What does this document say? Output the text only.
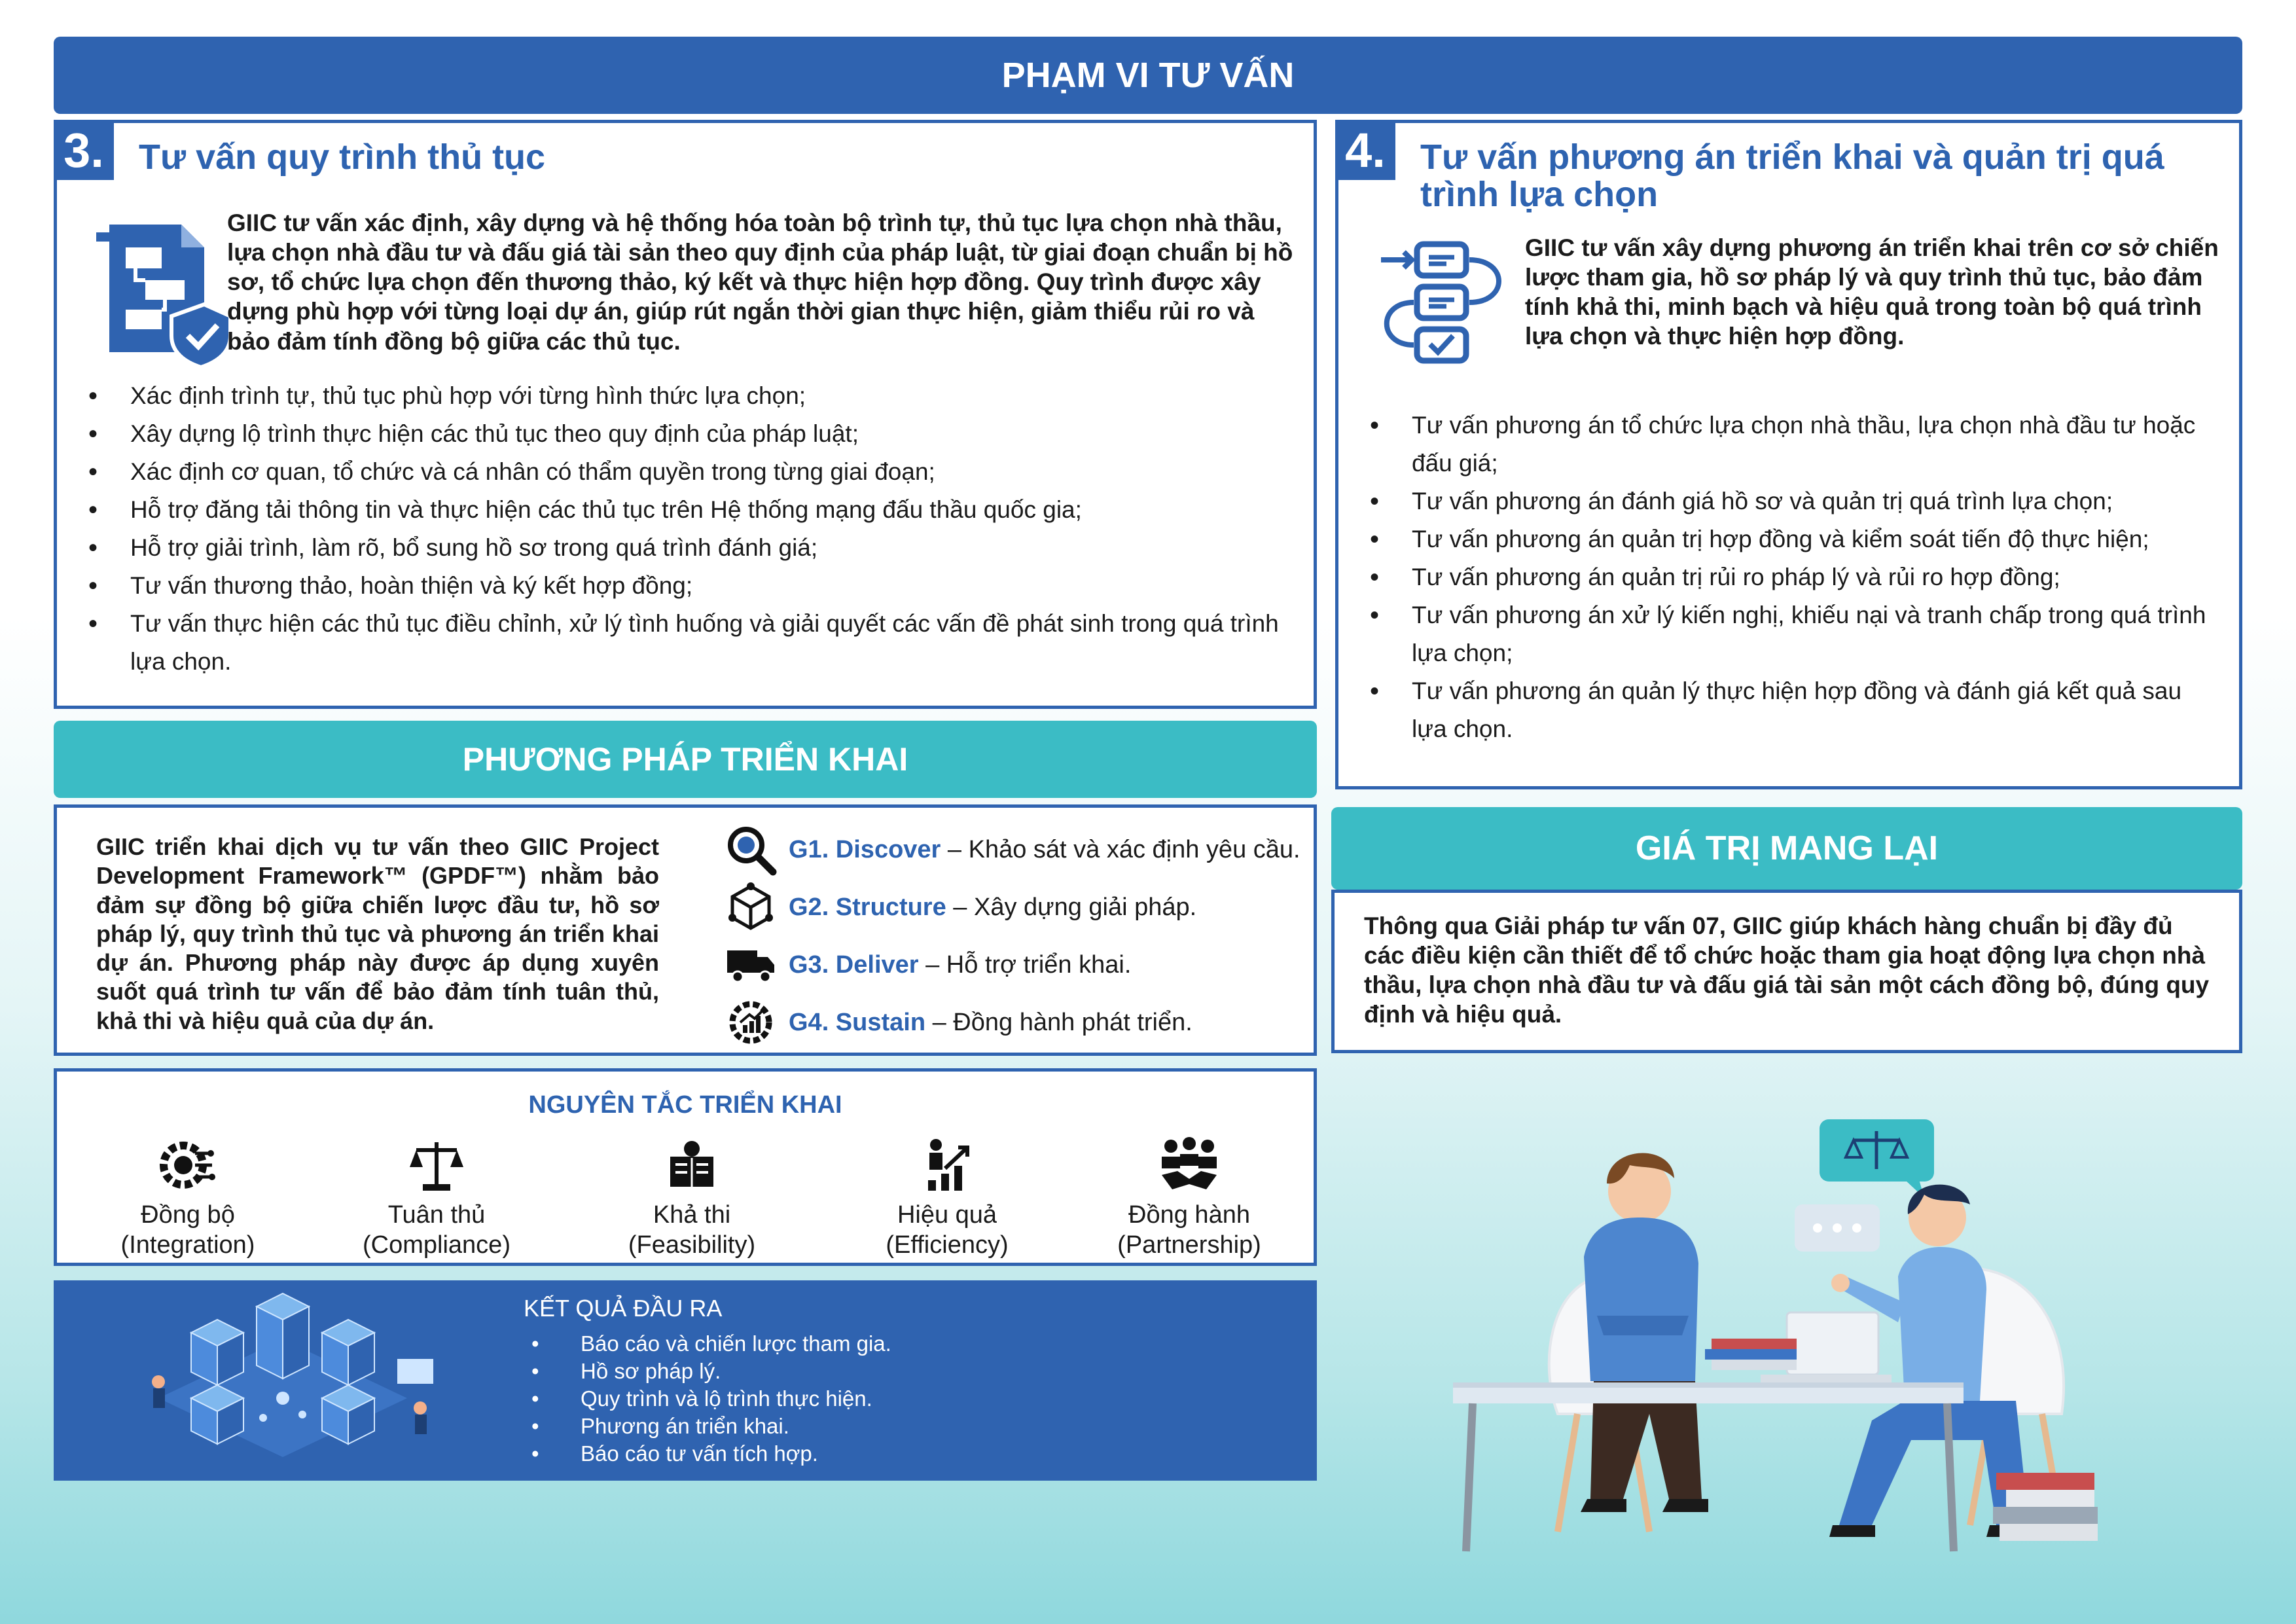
PHẠM VI TƯ VẤN
3. Tư vấn quy trình thủ tục
GIIC tư vấn xác định, xây dựng và hệ thống hóa toàn bộ trình tự, thủ tục lựa chọn nhà thầu, lựa chọn nhà đầu tư và đấu giá tài sản theo quy định của pháp luật, từ giai đoạn chuẩn bị hồ sơ, tổ chức lựa chọn đến thương thảo, ký kết và thực hiện hợp đồng. Quy trình được xây dựng phù hợp với từng loại dự án, giúp rút ngắn thời gian thực hiện, giảm thiểu rủi ro và bảo đảm tính đồng bộ giữa các thủ tục.
• Xác định trình tự, thủ tục phù hợp với từng hình thức lựa chọn;
• Xây dựng lộ trình thực hiện các thủ tục theo quy định của pháp luật;
• Xác định cơ quan, tổ chức và cá nhân có thẩm quyền trong từng giai đoạn;
• Hỗ trợ đăng tải thông tin và thực hiện các thủ tục trên Hệ thống mạng đấu thầu quốc gia;
• Hỗ trợ giải trình, làm rõ, bổ sung hồ sơ trong quá trình đánh giá;
• Tư vấn thương thảo, hoàn thiện và ký kết hợp đồng;
• Tư vấn thực hiện các thủ tục điều chỉnh, xử lý tình huống và giải quyết các vấn đề phát sinh trong quá trình lựa chọn.
4. Tư vấn phương án triển khai và quản trị quá trình lựa chọn
GIIC tư vấn xây dựng phương án triển khai trên cơ sở chiến lược tham gia, hồ sơ pháp lý và quy trình thủ tục, bảo đảm tính khả thi, minh bạch và hiệu quả trong toàn bộ quá trình lựa chọn và thực hiện hợp đồng.
• Tư vấn phương án tổ chức lựa chọn nhà thầu, lựa chọn nhà đầu tư hoặc đấu giá;
• Tư vấn phương án đánh giá hồ sơ và quản trị quá trình lựa chọn;
• Tư vấn phương án quản trị hợp đồng và kiểm soát tiến độ thực hiện;
• Tư vấn phương án quản trị rủi ro pháp lý và rủi ro hợp đồng;
• Tư vấn phương án xử lý kiến nghị, khiếu nại và tranh chấp trong quá trình lựa chọn;
• Tư vấn phương án quản lý thực hiện hợp đồng và đánh giá kết quả sau lựa chọn.
PHƯƠNG PHÁP TRIỂN KHAI
GIIC triển khai dịch vụ tư vấn theo GIIC Project Development Framework™ (GPDF™) nhằm bảo đảm sự đồng bộ giữa chiến lược đầu tư, hồ sơ pháp lý, quy trình thủ tục và phương án triển khai dự án. Phương pháp này được áp dụng xuyên suốt quá trình tư vấn để bảo đảm tính tuân thủ, khả thi và hiệu quả của dự án.
G1. Discover – Khảo sát và xác định yêu cầu.
G2. Structure – Xây dựng giải pháp.
G3. Deliver – Hỗ trợ triển khai.
G4. Sustain – Đồng hành phát triển.
NGUYÊN TẮC TRIỂN KHAI
Đồng bộ
(Integration)
Tuân thủ
(Compliance)
Khả thi
(Feasibility)
Hiệu quả
(Efficiency)
Đồng hành
(Partnership)
KẾT QUẢ ĐẦU RA
• Báo cáo và chiến lược tham gia.
• Hồ sơ pháp lý.
• Quy trình và lộ trình thực hiện.
• Phương án triển khai.
• Báo cáo tư vấn tích hợp.
GIÁ TRỊ MANG LẠI
Thông qua Giải pháp tư vấn 07, GIIC giúp khách hàng chuẩn bị đầy đủ các điều kiện cần thiết để tổ chức hoặc tham gia hoạt động lựa chọn nhà thầu, lựa chọn nhà đầu tư và đấu giá tài sản một cách đồng bộ, đúng quy định và hiệu quả.
